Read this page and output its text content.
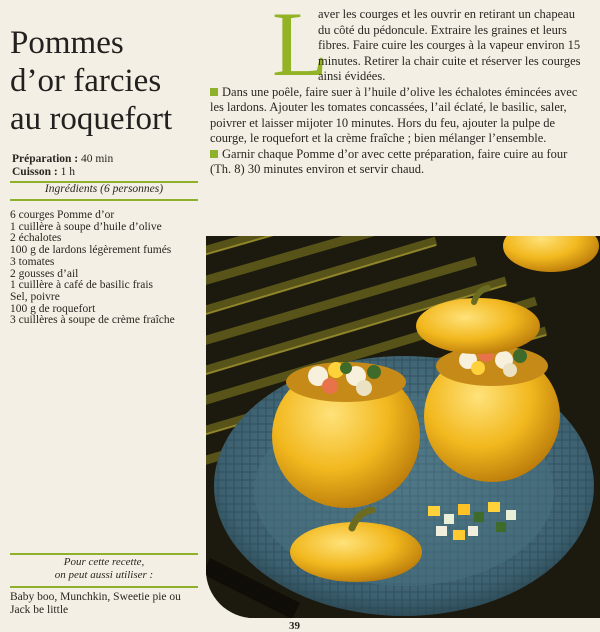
Pommes
d’or farcies
au roquefort
Préparation : 40 min
Cuisson : 1 h
Ingrédients (6 personnes)
6 courges Pomme d’or
1 cuillère à soupe d’huile d’olive
2 échalotes
100 g de lardons légèrement fumés
3 tomates
2 gousses d’ail
1 cuillère à café de basilic frais
Sel, poivre
100 g de roquefort
3 cuillères à soupe de crème fraîche
Pour cette recette,
on peut aussi utiliser :
Baby boo, Munchkin, Sweetie pie ou Jack be little
L

aver les courges et les ouvrir en retirant un chapeau du côté du pédoncule. Extraire les graines et leurs fibres. Faire cuire les courges à la vapeur environ 15 minutes. Retirer la chair cuite et réserver les courges ainsi évidées.

Dans une poêle, faire suer à l’huile d’olive les échalotes émincées avec les lardons. Ajouter les tomates concassées, l’ail éclaté, le basilic, saler, poivrer et laisser mijoter 10 minutes. Hors du feu, ajouter la pulpe de courge, le roquefort et la crème fraîche ; bien mélanger l’ensemble.

Garnir chaque Pomme d’or avec cette préparation, faire cuire au four (Th. 8) 30 minutes environ et servir chaud.

39
